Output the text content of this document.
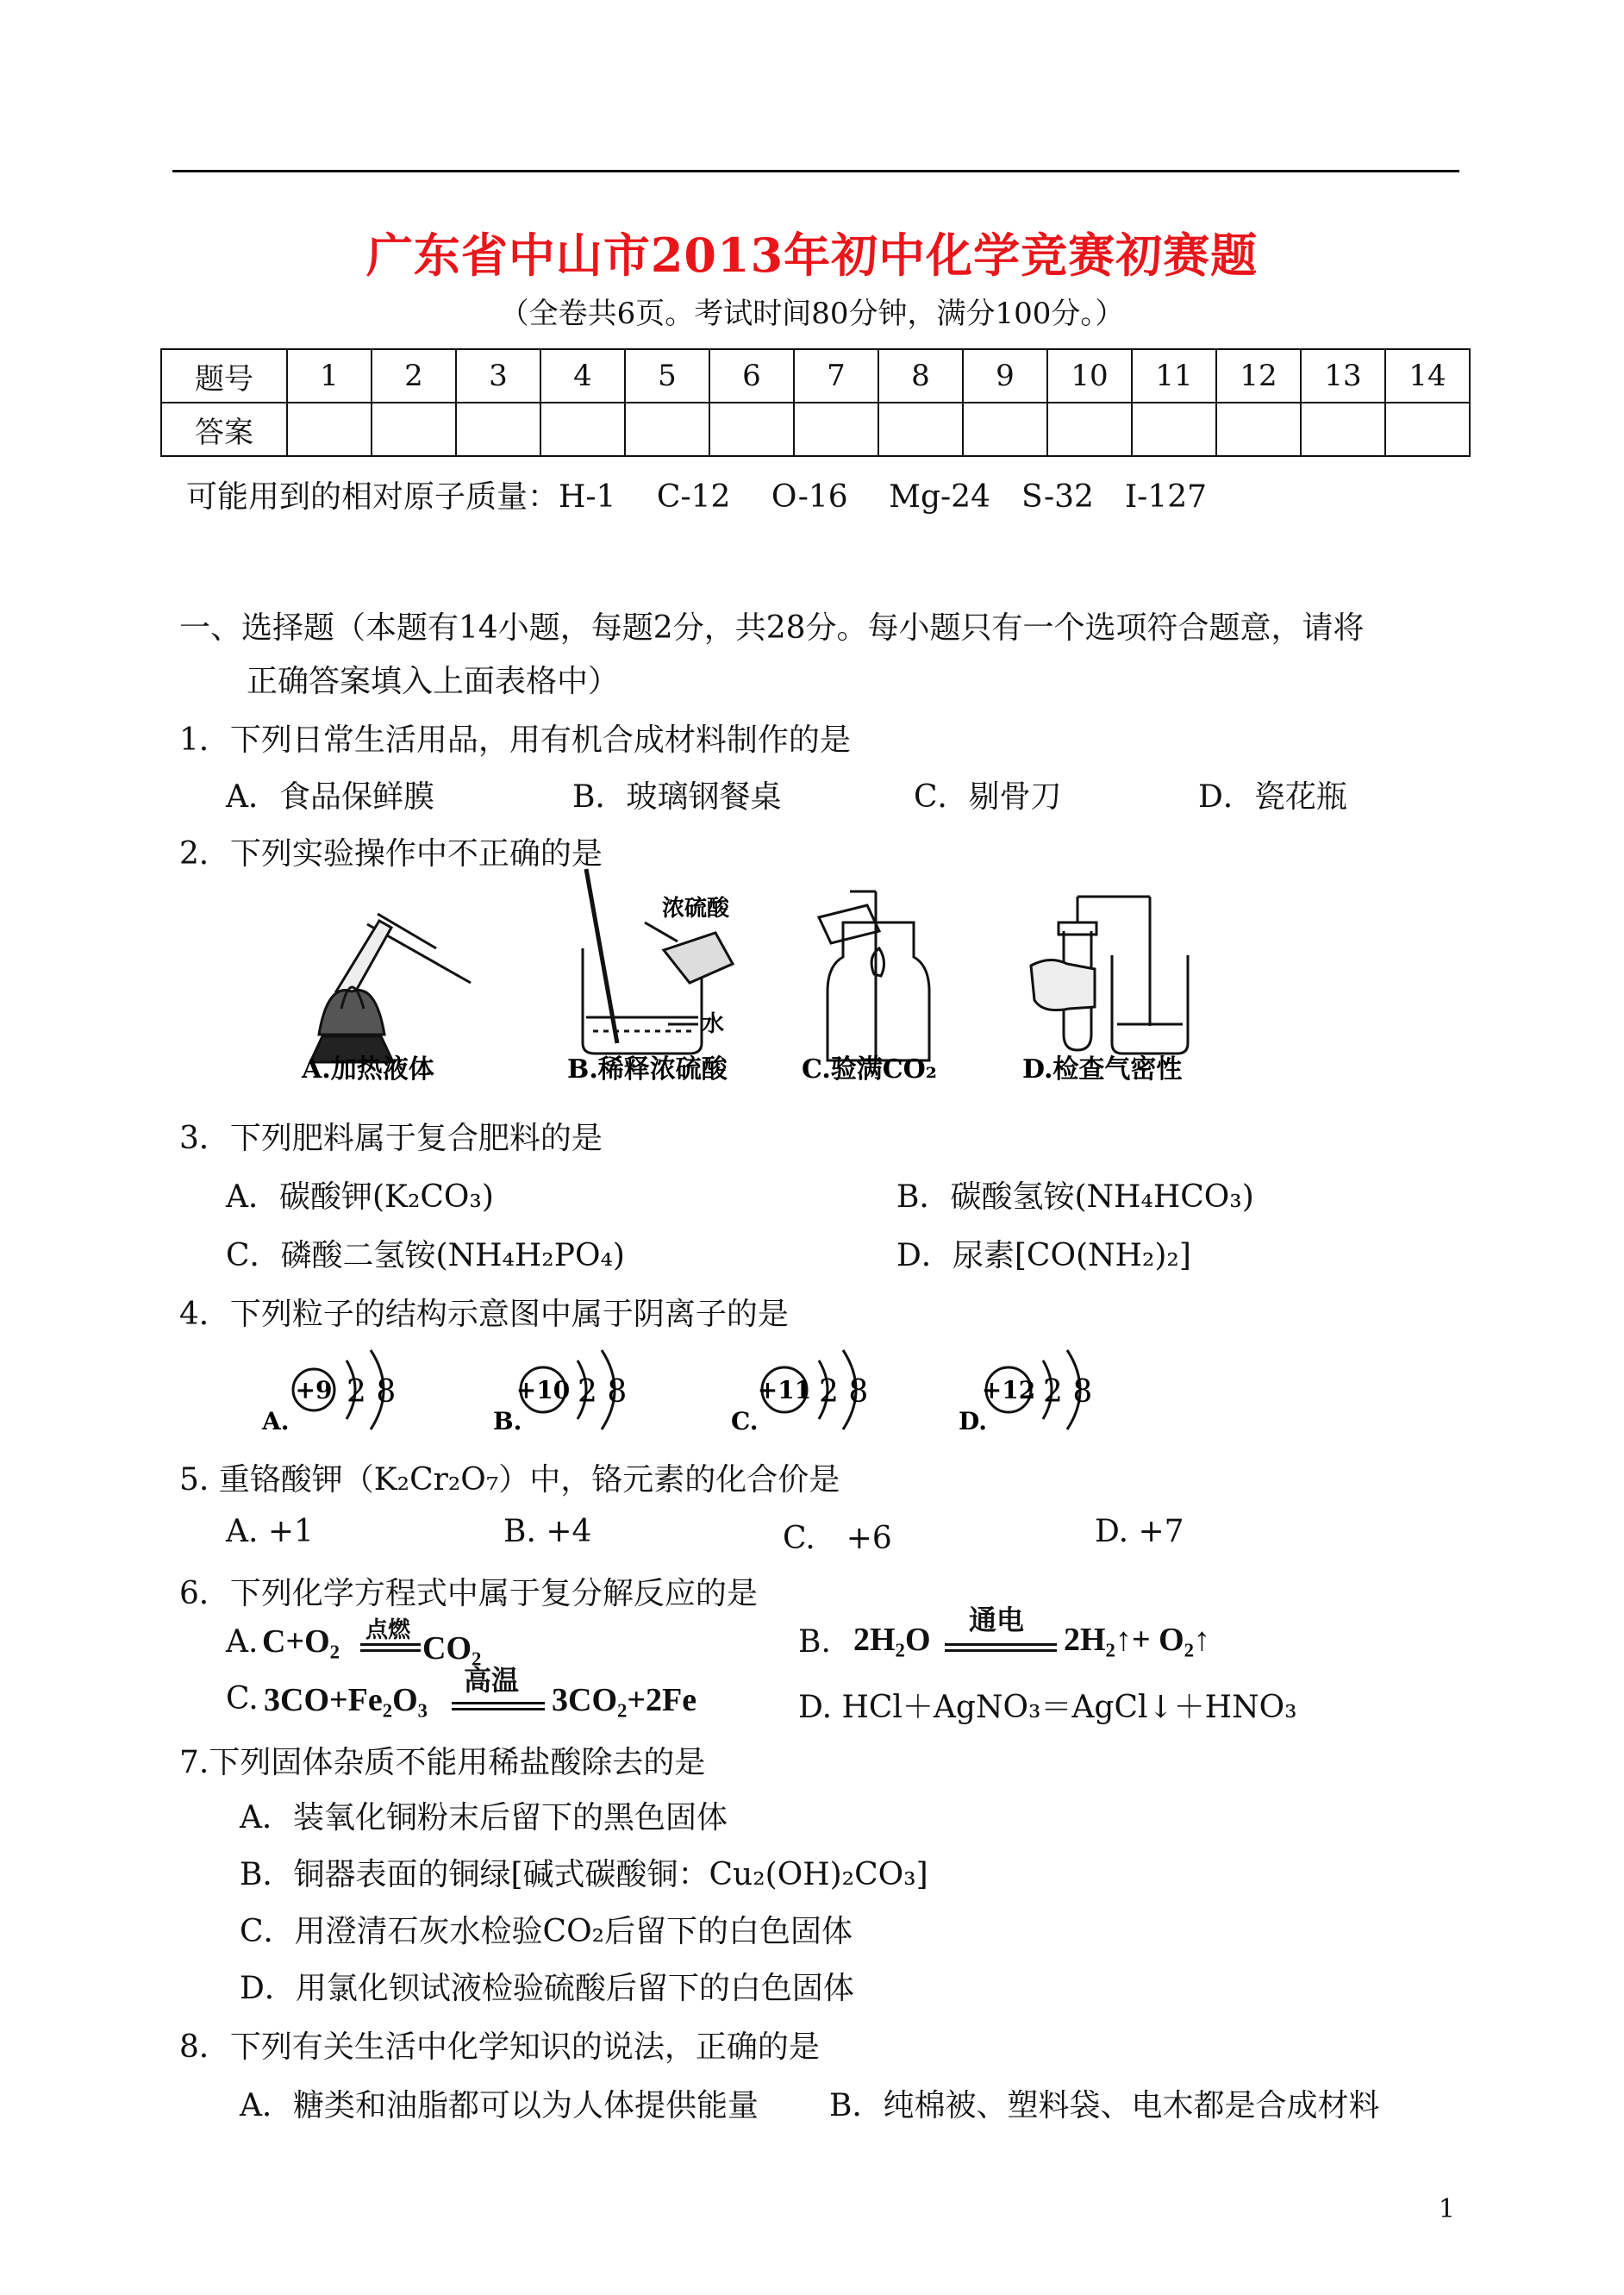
广东省中山市2013年初中化学竞赛初赛题
（全卷共6页。考试时间80分钟，满分100分。）
题号	1	2	3	4	5	6	7	8	9	10	11	12	13	14
答案														
可能用到的相对原子质量：H-1　 C-12　 O-16　 Mg-24　S-32　I-127
一、选择题（本题有14小题，每题2分，共28分。每小题只有一个选项符合题意，请将
正确答案填入上面表格中）
1．下列日常生活用品，用有机合成材料制作的是
A．食品保鲜膜	B．玻璃钢餐桌	C．剔骨刀	D．瓷花瓶
2．下列实验操作中不正确的是
A.加热液体
浓硫酸
水
B.稀释浓硫酸	C.验满CO₂	D.检查气密性
3．下列肥料属于复合肥料的是
A．碳酸钾(K₂CO₃)	B．碳酸氢铵(NH₄HCO₃)
C．磷酸二氢铵(NH₄H₂PO₄)	D．尿素[CO(NH₂)₂]
4．下列粒子的结构示意图中属于阴离子的是
+9 2 8
A.
+10 2 8
B.
+11 2 8
C.
+12 2 8
D.
5. 重铬酸钾（K₂Cr₂O₇）中，铬元素的化合价是
A. +1	B. +4	C.　+6	D. +7
6．下列化学方程式中属于复分解反应的是
A. C+O₂ 点燃 CO₂	B. 2H₂O
通电
2H₂↑+ O₂↑
C. 3CO+Fe₂O₃
高温
3CO₂+2Fe	D. HCl＋AgNO₃＝AgCl↓＋HNO₃
7.下列固体杂质不能用稀盐酸除去的是
A．装氧化铜粉末后留下的黑色固体
B．铜器表面的铜绿[碱式碳酸铜：Cu₂(OH)₂CO₃]
C．用澄清石灰水检验CO₂后留下的白色固体
D．用氯化钡试液检验硫酸后留下的白色固体
8．下列有关生活中化学知识的说法，正确的是
A．糖类和油脂都可以为人体提供能量 B．纯棉被、塑料袋、电木都是合成材料
1
